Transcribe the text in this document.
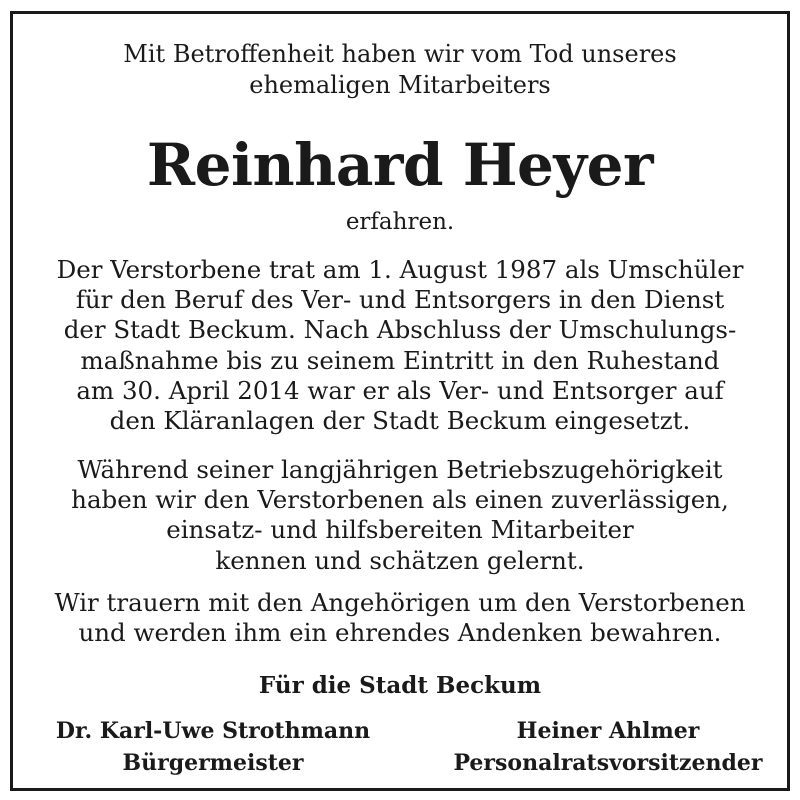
Mit Betroffenheit haben wir vom Tod unseres
ehemaligen Mitarbeiters
Reinhard Heyer
erfahren.
Der Verstorbene trat am 1. August 1987 als Umschüler
für den Beruf des Ver- und Entsorgers in den Dienst
der Stadt Beckum. Nach Abschluss der Umschulungs-
maßnahme bis zu seinem Eintritt in den Ruhestand
am 30. April 2014 war er als Ver- und Entsorger auf
den Kläranlagen der Stadt Beckum eingesetzt.
Während seiner langjährigen Betriebszugehörigkeit
haben wir den Verstorbenen als einen zuverlässigen,
einsatz- und hilfsbereiten Mitarbeiter
kennen und schätzen gelernt.
Wir trauern mit den Angehörigen um den Verstorbenen
und werden ihm ein ehrendes Andenken bewahren.
Für die Stadt Beckum
Dr. Karl-Uwe Strothmann
Bürgermeister
Heiner Ahlmer
Personalratsvorsitzender
